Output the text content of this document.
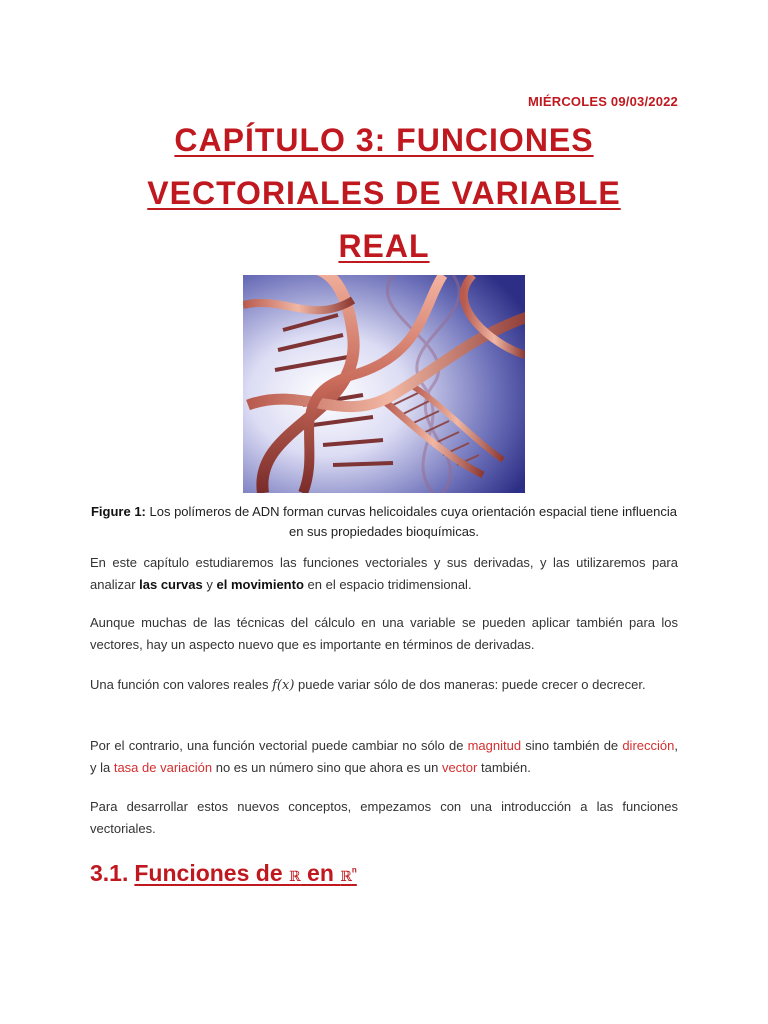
MIÉRCOLES 09/03/2022
CAPÍTULO 3: FUNCIONES
VECTORIALES DE VARIABLE
REAL
Figure 1: Los polímeros de ADN forman curvas helicoidales cuya orientación espacial tiene influencia en sus propiedades bioquímicas.
En este capítulo estudiaremos las funciones vectoriales y sus derivadas, y las utilizaremos para analizar las curvas y el movimiento en el espacio tridimensional.
Aunque muchas de las técnicas del cálculo en una variable se pueden aplicar también para los vectores, hay un aspecto nuevo que es importante en términos de derivadas.
Una función con valores reales f(x) puede variar sólo de dos maneras: puede crecer o decrecer.
Por el contrario, una función vectorial puede cambiar no sólo de magnitud sino también de dirección, y la tasa de variación no es un número sino que ahora es un vector también.
Para desarrollar estos nuevos conceptos, empezamos con una introducción a las funciones vectoriales.
3.1. Funciones de ℝ en ℝ$^n$
